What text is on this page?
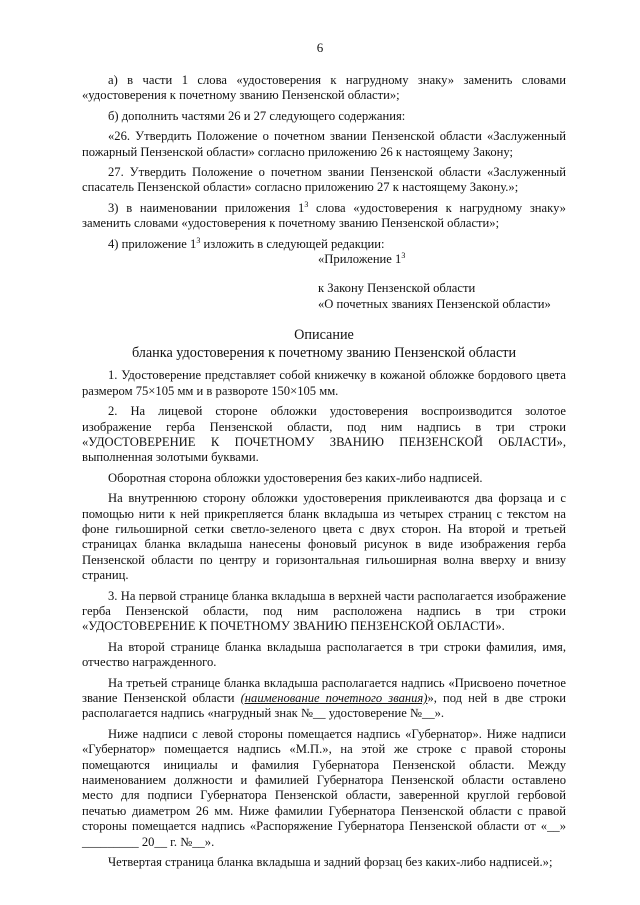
6

а) в части 1 слова «удостоверения к нагрудному знаку» заменить словами «удостоверения к почетному званию Пензенской области»;

б) дополнить частями 26 и 27 следующего содержания:

«26. Утвердить Положение о почетном звании Пензенской области «Заслуженный пожарный Пензенской области» согласно приложению 26 к настоящему Закону;

27. Утвердить Положение о почетном звании Пензенской области «Заслуженный спасатель Пензенской области» согласно приложению 27 к настоящему Закону.»;

3) в наименовании приложения $1^3$ слова «удостоверения к нагрудному знаку» заменить словами «удостоверения к почетному званию Пензенской области»;

4) приложение $1^3$ изложить в следующей редакции:

«Приложение $1^3$
к Закону Пензенской области
«О почетных званиях Пензенской области»

Описание

бланка удостоверения к почетному званию Пензенской области

1. Удостоверение представляет собой книжечку в кожаной обложке бордового цвета размером 75×105 мм и в развороте 150×105 мм.

2. На лицевой стороне обложки удостоверения воспроизводится золотое изображение герба Пензенской области, под ним надпись в три строки «УДОСТОВЕРЕНИЕ К ПОЧЕТНОМУ ЗВАНИЮ ПЕНЗЕНСКОЙ ОБЛАСТИ», выполненная золотыми буквами.

Оборотная сторона обложки удостоверения без каких-либо надписей.

На внутреннюю сторону обложки удостоверения приклеиваются два форзаца и с помощью нити к ней прикрепляется бланк вкладыша из четырех страниц с текстом на фоне гильоширной сетки светло-зеленого цвета с двух сторон. На второй и третьей страницах бланка вкладыша нанесены фоновый рисунок в виде изображения герба Пензенской области по центру и горизонтальная гильоширная волна вверху и внизу страниц.

3. На первой странице бланка вкладыша в верхней части располагается изображение герба Пензенской области, под ним расположена надпись в три строки «УДОСТОВЕРЕНИЕ К ПОЧЕТНОМУ ЗВАНИЮ ПЕНЗЕНСКОЙ ОБЛАСТИ».

На второй странице бланка вкладыша располагается в три строки фамилия, имя, отчество награжденного.

На третьей странице бланка вкладыша располагается надпись «Присвоено почетное звание Пензенской области (наименование почетного звания)», под ней в две строки располагается надпись «нагрудный знак №__ удостоверение №__».

Ниже надписи с левой стороны помещается надпись «Губернатор». Ниже надписи «Губернатор» помещается надпись «М.П.», на этой же строке с правой стороны помещаются инициалы и фамилия Губернатора Пензенской области. Между наименованием должности и фамилией Губернатора Пензенской области оставлено место для подписи Губернатора Пензенской области, заверенной круглой гербовой печатью диаметром 26 мм. Ниже фамилии Губернатора Пензенской области с правой стороны помещается надпись «Распоряжение Губернатора Пензенской области от «__» _________ 20__ г. №__».

Четвертая страница бланка вкладыша и задний форзац без каких-либо надписей.»;
